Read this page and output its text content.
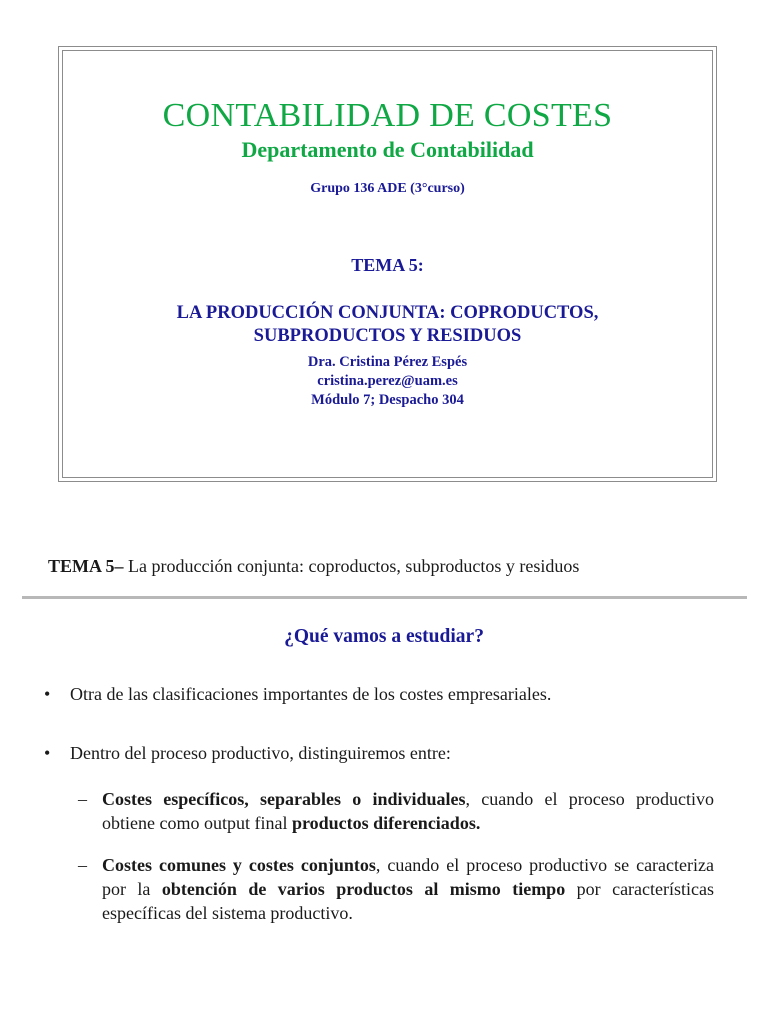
CONTABILIDAD DE COSTES

Departamento de Contabilidad

Grupo 136 ADE (3°curso)

TEMA 5:

LA PRODUCCIÓN CONJUNTA: COPRODUCTOS,
SUBPRODUCTOS Y RESIDUOS

Dra. Cristina Pérez Espés

cristina.perez@uam.es

Módulo 7; Despacho 304

TEMA 5– La producción conjunta: coproductos, subproductos y residuos
¿Qué vamos a estudiar?
•	Otra de las clasificaciones importantes de los costes empresariales.
•	Dentro del proceso productivo, distinguiremos entre:
– Costes específicos, separables o individuales, cuando el proceso productivo obtiene como output final productos diferenciados.
– Costes comunes y costes conjuntos, cuando el proceso productivo se caracteriza por la obtención de varios productos al mismo tiempo por características específicas del sistema productivo.
